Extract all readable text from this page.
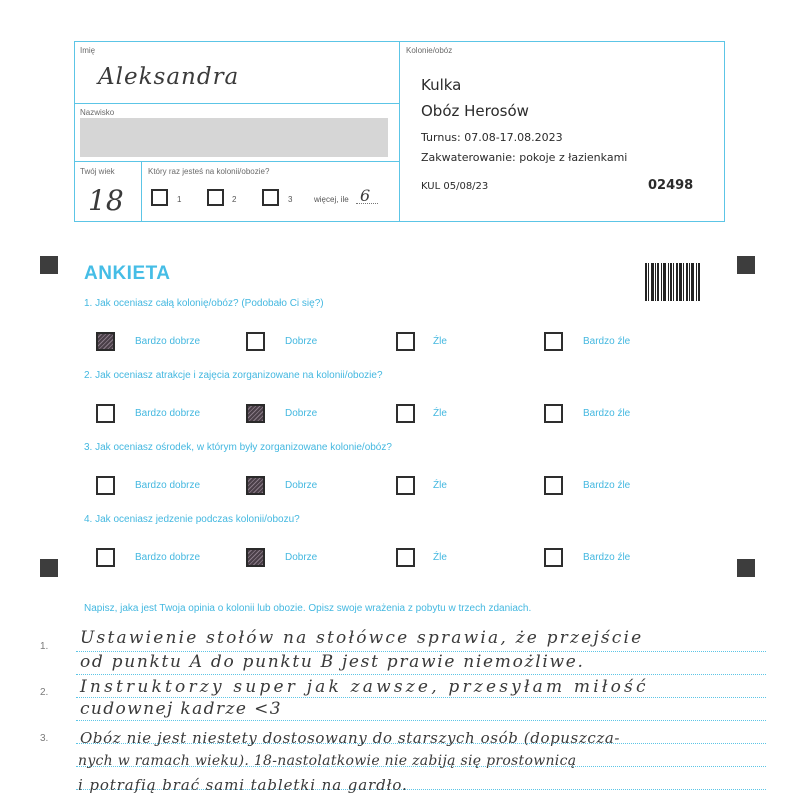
Imię
Aleksandra
Nazwisko
Twój wiek
18
Który raz jesteś na kolonii/obozie?
1	2	3	więcej, ile 6
Kolonie/obóz
Kulka
Obóz Herosów
Turnus: 07.08-17.08.2023
Zakwaterowanie: pokoje z łazienkami
KUL 05/08/23	02498
ANKIETA
1. Jak oceniasz całą kolonię/obóz? (Podobało Ci się?)
Bardzo dobrze	Dobrze	Źle	Bardzo źle
2. Jak oceniasz atrakcje i zajęcia zorganizowane na kolonii/obozie?
Bardzo dobrze	Dobrze	Źle	Bardzo źle
3. Jak oceniasz ośrodek, w którym były zorganizowane kolonie/obóz?
Bardzo dobrze	Dobrze	Źle	Bardzo źle
4. Jak oceniasz jedzenie podczas kolonii/obozu?
Bardzo dobrze	Dobrze	Źle	Bardzo źle
Napisz, jaka jest Twoja opinia o kolonii lub obozie. Opisz swoje wrażenia z pobytu w trzech zdaniach.
1.
2.
3.
Ustawienie stołów na stołówce sprawia, że przejście
od punktu A do punktu B jest prawie niemożliwe.
Instruktorzy super jak zawsze, przesyłam miłość
cudownej kadrze <3
Obóz nie jest niestety dostosowany do starszych osób (dopuszcza-
nych w ramach wieku). 18-nastolatkowie nie zabiją się prostownicą
i potrafią brać sami tabletki na gardło.
